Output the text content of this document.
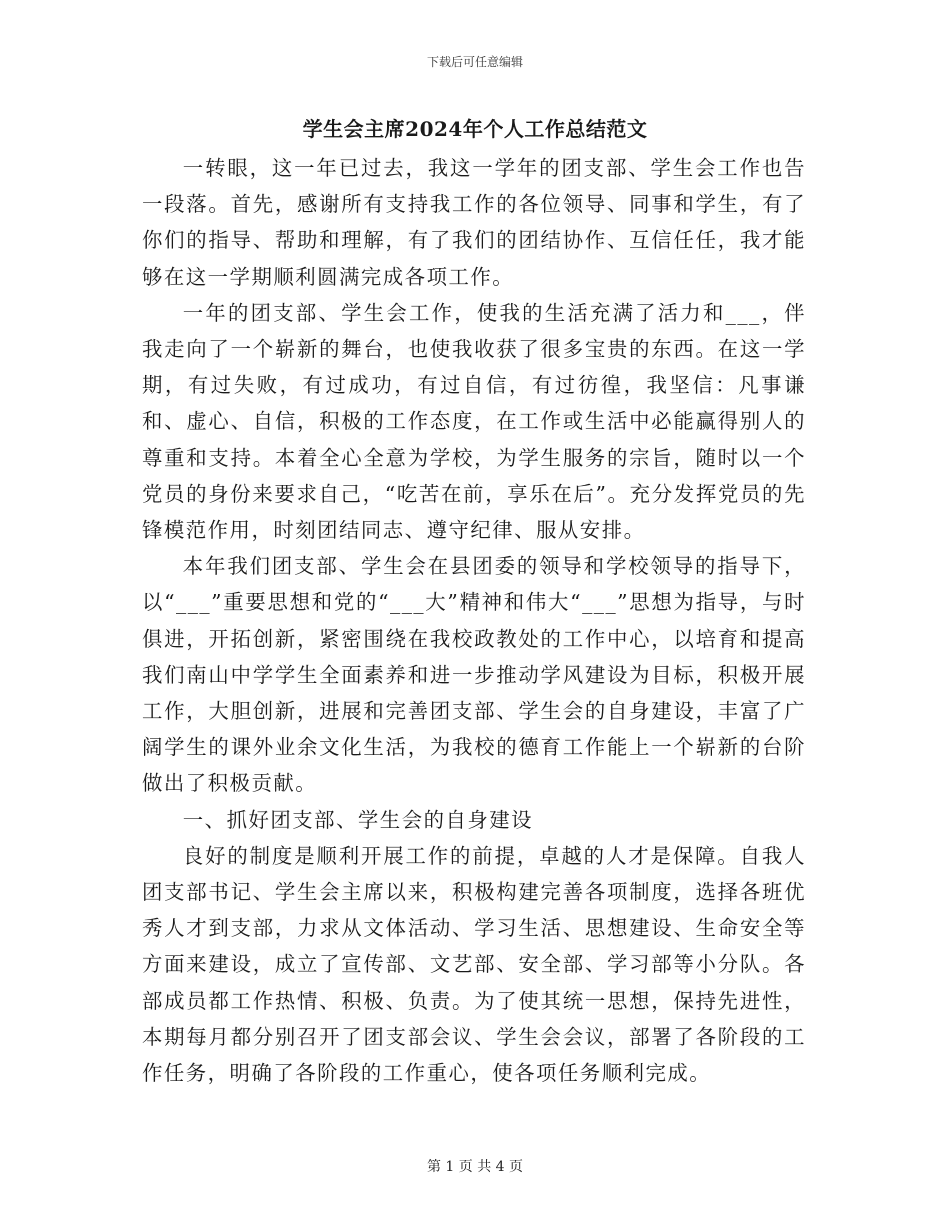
下载后可任意编辑
学生会主席2024年个人工作总结范文

一转眼，这一年已过去，我这一学年的团支部、学生会工作也告一段落。首先，感谢所有支持我工作的各位领导、同事和学生，有了你们的指导、帮助和理解，有了我们的团结协作、互信任任，我才能够在这一学期顺利圆满完成各项工作。

一年的团支部、学生会工作，使我的生活充满了活力和___，伴我走向了一个崭新的舞台，也使我收获了很多宝贵的东西。在这一学期，有过失败，有过成功，有过自信，有过彷徨，我坚信：凡事谦和、虚心、自信，积极的工作态度，在工作或生活中必能赢得别人的尊重和支持。本着全心全意为学校，为学生服务的宗旨，随时以一个党员的身份来要求自己，“吃苦在前，享乐在后”。充分发挥党员的先锋模范作用，时刻团结同志、遵守纪律、服从安排。

本年我们团支部、学生会在县团委的领导和学校领导的指导下，以“___”重要思想和党的“___大”精神和伟大“___”思想为指导，与时俱进，开拓创新，紧密围绕在我校政教处的工作中心，以培育和提高我们南山中学学生全面素养和进一步推动学风建设为目标，积极开展工作，大胆创新，进展和完善团支部、学生会的自身建设，丰富了广阔学生的课外业余文化生活，为我校的德育工作能上一个崭新的台阶做出了积极贡献。

一、抓好团支部、学生会的自身建设

良好的制度是顺利开展工作的前提，卓越的人才是保障。自我人团支部书记、学生会主席以来，积极构建完善各项制度，选择各班优秀人才到支部，力求从文体活动、学习生活、思想建设、生命安全等方面来建设，成立了宣传部、文艺部、安全部、学习部等小分队。各部成员都工作热情、积极、负责。为了使其统一思想，保持先进性，本期每月都分别召开了团支部会议、学生会会议，部署了各阶段的工作任务，明确了各阶段的工作重心，使各项任务顺利完成。

第 1 页 共 4 页
